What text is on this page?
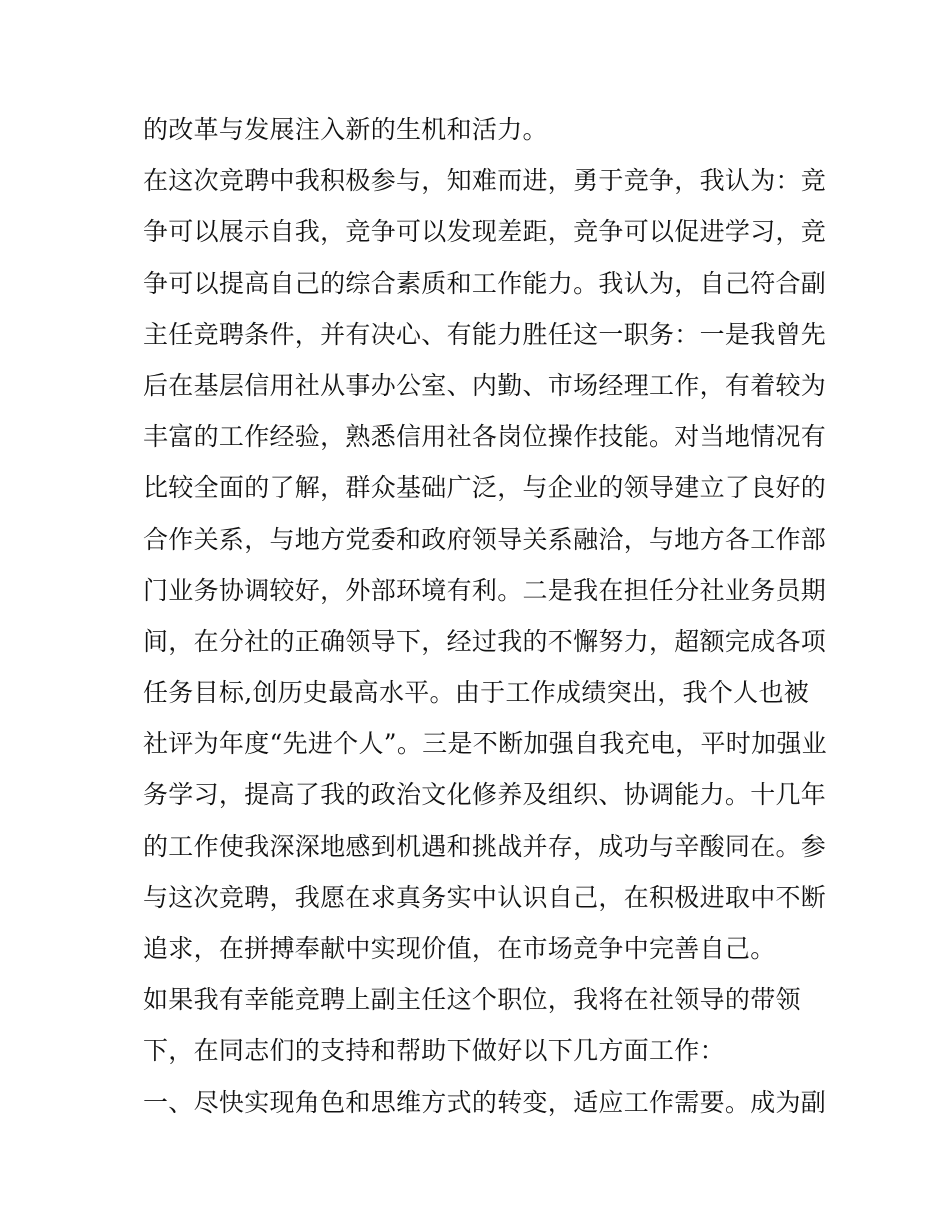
的改革与发展注入新的生机和活力。
在这次竞聘中我积极参与，知难而进，勇于竞争，我认为：竞
争可以展示自我，竞争可以发现差距，竞争可以促进学习，竞
争可以提高自己的综合素质和工作能力。我认为，自己符合副
主任竞聘条件，并有决心、有能力胜任这一职务：一是我曾先
后在基层信用社从事办公室、内勤、市场经理工作，有着较为
丰富的工作经验，熟悉信用社各岗位操作技能。对当地情况有
比较全面的了解，群众基础广泛，与企业的领导建立了良好的
合作关系，与地方党委和政府领导关系融洽，与地方各工作部
门业务协调较好，外部环境有利。二是我在担任分社业务员期
间，在分社的正确领导下，经过我的不懈努力，超额完成各项
任务目标,创历史最高水平。由于工作成绩突出，我个人也被
社评为年度“先进个人”。三是不断加强自我充电，平时加强业
务学习，提高了我的政治文化修养及组织、协调能力。十几年
的工作使我深深地感到机遇和挑战并存，成功与辛酸同在。参
与这次竞聘，我愿在求真务实中认识自己，在积极进取中不断
追求，在拼搏奉献中实现价值，在市场竞争中完善自己。
如果我有幸能竞聘上副主任这个职位，我将在社领导的带领
下，在同志们的支持和帮助下做好以下几方面工作：
一、尽快实现角色和思维方式的转变，适应工作需要。成为副
